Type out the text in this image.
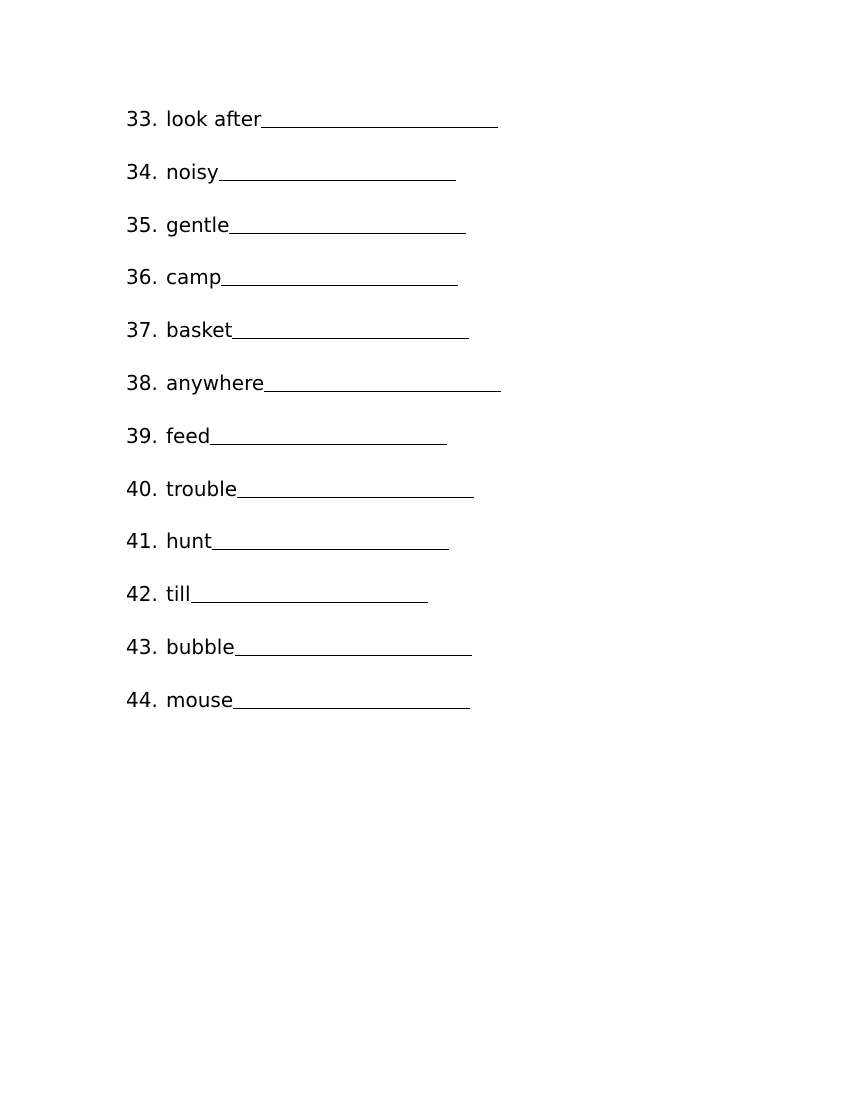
33. look after
34. noisy
35. gentle
36. camp
37. basket
38. anywhere
39. feed
40. trouble
41. hunt
42. till
43. bubble
44. mouse
